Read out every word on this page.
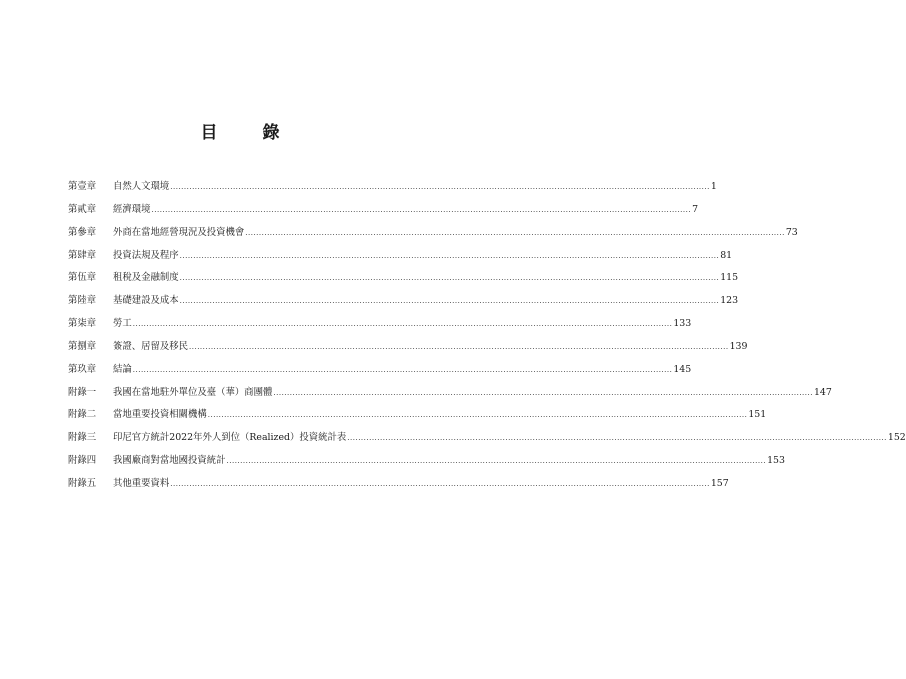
目　錄
第壹章	自然人文環境 ...................................................................................................................................................................................................... 1
第貳章	經濟環境 ...................................................................................................................................................................................................... 7
第參章	外商在當地經營現況及投資機會 ...................................................................................................................................................................................................... 73
第肆章	投資法規及程序 ...................................................................................................................................................................................................... 81
第伍章	租稅及金融制度 ...................................................................................................................................................................................................... 115
第陸章	基礎建設及成本 ...................................................................................................................................................................................................... 123
第柒章	勞工 ...................................................................................................................................................................................................... 133
第捌章	簽證、居留及移民 ...................................................................................................................................................................................................... 139
第玖章	結論 ...................................................................................................................................................................................................... 145
附錄一	我國在當地駐外單位及臺（華）商團體 ...................................................................................................................................................................................................... 147
附錄二	當地重要投資相關機構 ...................................................................................................................................................................................................... 151
附錄三	印尼官方統計2022年外人到位（Realized）投資統計表 ...................................................................................................................................................................................................... 152
附錄四	我國廠商對當地國投資統計 ...................................................................................................................................................................................................... 153
附錄五	其他重要資料 ...................................................................................................................................................................................................... 157
